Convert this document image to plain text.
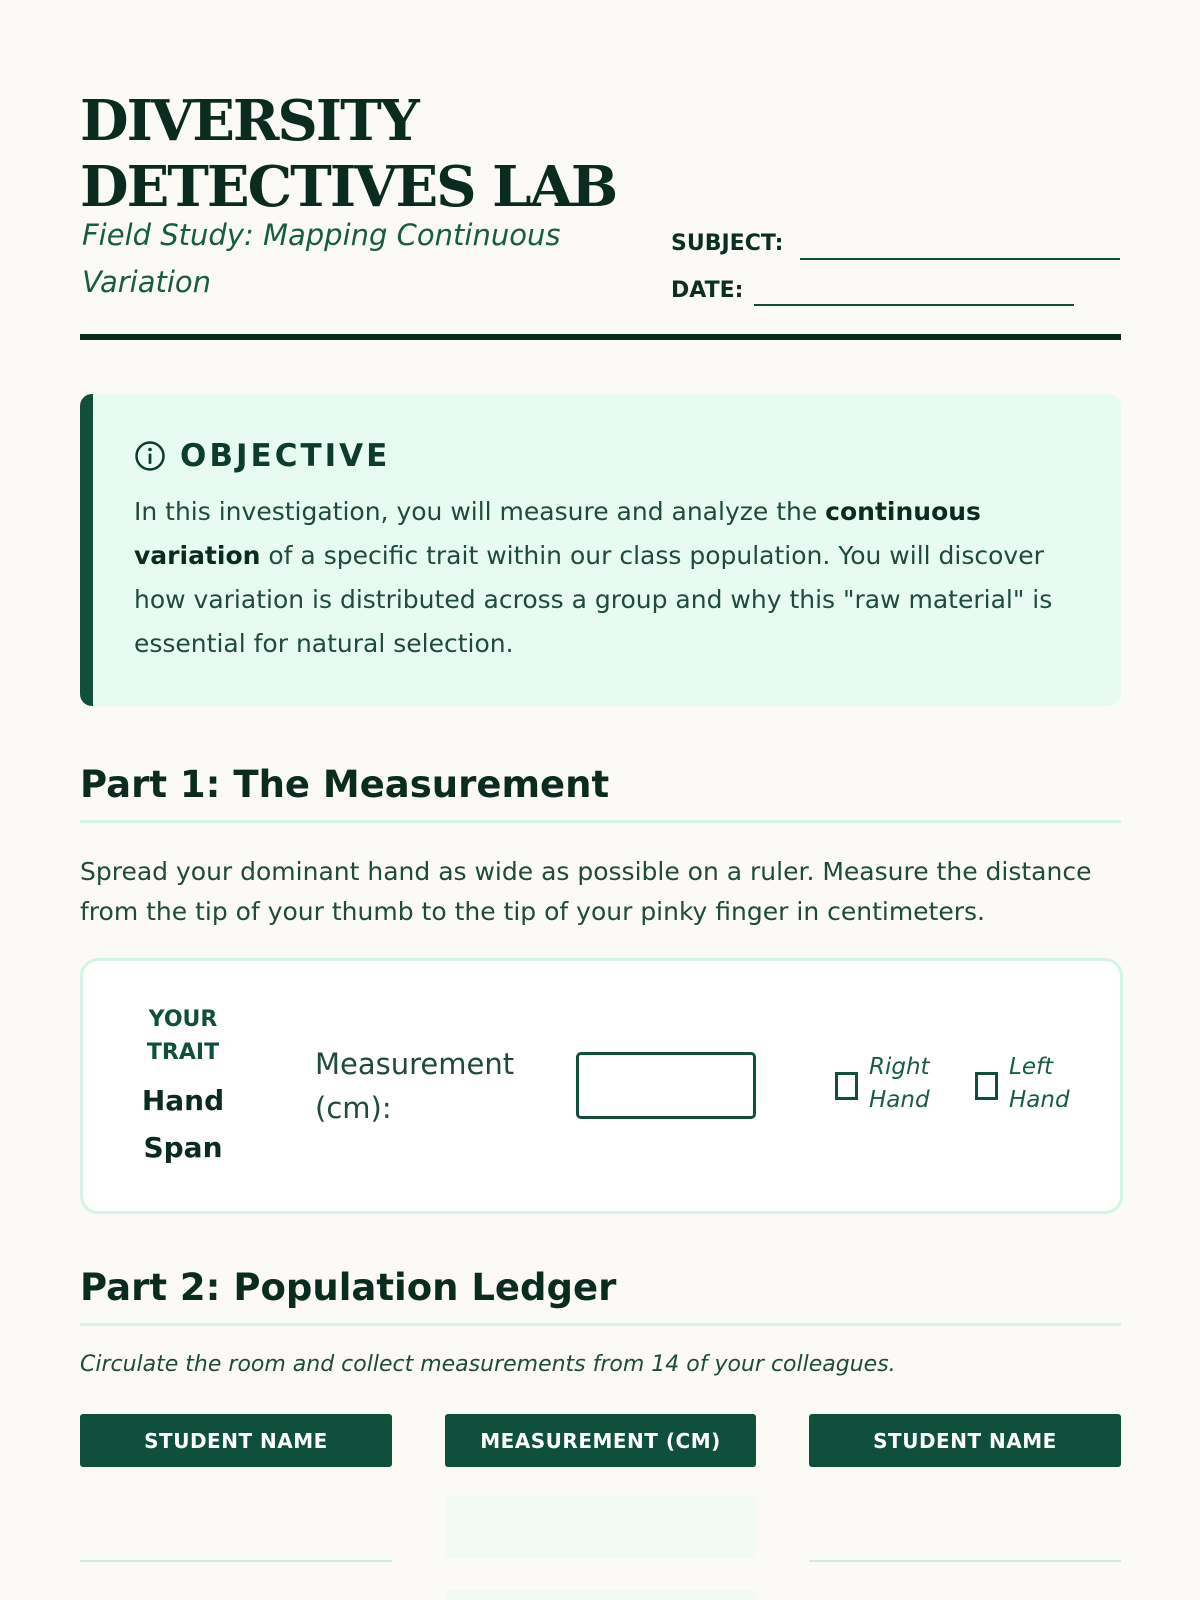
DIVERSITY
DETECTIVES LAB
Field Study: Mapping Continuous Variation
SUBJECT:
DATE:
OBJECTIVE
In this investigation, you will measure and analyze the continuous variation of a specific trait within our class population. You will discover how variation is distributed across a group and why this "raw material" is essential for natural selection.
Part 1: The Measurement
Spread your dominant hand as wide as possible on a ruler. Measure the distance from the tip of your thumb to the tip of your pinky finger in centimeters.
YOUR TRAIT
Hand Span
Measurement (cm):
Right Hand
Left Hand
Part 2: Population Ledger
Circulate the room and collect measurements from 14 of your colleagues.
STUDENT NAME	MEASUREMENT (CM)	STUDENT NAME
